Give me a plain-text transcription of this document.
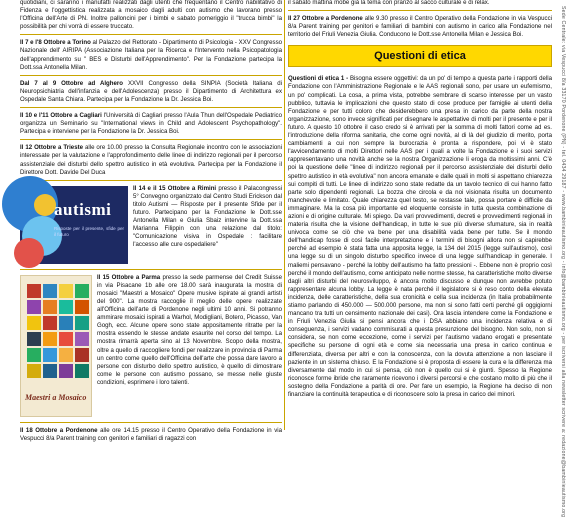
quotidiani, ci saranno i manufatti realizzati dagli utenti che frequentano il Centro riabilitativo di Fidenza e l'oggettistica realizzata a mosaico dagli adulti con autismo che lavorano presso l'Officina dell'Arte di PN. Inoltre palloncini per i bimbi e sabato pomeriggio il "trucca bimbi" la possibilità per chi vorrà di essere truccato.

Il 7 e l'8 Ottobre a Torino al Palazzo del Rettorato - Dipartimento di Psicologia - XXV Congresso Nazionale dell' AIRIPA (Associazione Italiana per la Ricerca e l'Intervento nella Psicopatologia dell'apprendimento su " BES e Disturbi dell'Apprendimento". Per la Fondazione partecipa la Dott.ssa Antonella Milan.

Dal 7 al 9 Ottobre ad Alghero XXVII Congresso della SINPIA (Società Italiana di Neuropsichiatria dell'infanzia e dell'Adolescenza) presso il Dipartimento di Architettura ex Ospedale Santa Chiara. Partecipa per la Fondazione la Dr. Jessica Boi.

Il 10 e l'11 Ottobre a Cagliari l'Università di Cagliari presso l'Aula Thun dell'Ospedale Pediatrico organizza un Seminario su "International views in Child and Adolescent Psychopathology". Partecipa e interviene per la Fondazione la Dr. Jessica Boi.

Il 12 Ottobre a Trieste alle ore 10.00 presso la Consulta Regionale incontro con le associazioni interessate per la valutazione e l'approfondimento delle linee di indirizzo regionali per il percorso assistenziale dei disturbi dello spettro autistico in età evolutiva. Partecipa per la Fondazione il Direttore Dott. Davide Del Duca

autismi
Risposte per il presente, sfide per il futuro
Il 14 e il 15 Ottobre a Rimini presso il Palacongressi 5° Convegno organizzato dal Centro Studi Erickson dal titolo Autismi — Risposte per il presente Sfide per il futuro. Partecipano per la Fondazione le Dott.sse Antonella Milan e Giulia Sbaiz intervine la Dott.ssa Marianna Filippin con una relazione dal titolo: "Comunicazione visiva in Ospedale : facilitare l'accesso alle cure ospedaliere"
Maestri a Mosaico
Il 15 Ottobre a Parma presso la sede parmense del Credit Suisse in via Pisacane 1b alle ore 18.00 sarà inaugurata la mostra di mosaici "Maestri a Mosaico" Opere musive ispirate ai grandi artisti del 900". La mostra raccoglie il meglio delle opere realizzate all'Officina dell'arte di Pordenone negli ultimi 10 anni. Si potranno ammirare mosaici ispirati a Warhol, Modigliani, Botero, Picasso, Van Gogh, ecc. Alcune opere sono state appositamente ritratte per la mostra essendo le stesse andate esaurite nel corso del tempo. La mostra rimarrà aperta sino al 13 Novembre. Scopo della mostra, oltre a quello di raccogliere fondi per realizzare in provincia di Parma un centro come quello dell'Officina dell'arte che possa dare lavoro a persone con disturbo dello spettro autistico, è quello di dimostrare come le persone con autismo possano, se messe nelle giuste condizioni, esprimere i loro talenti.

Il 18 Ottobre a Pordenone alle ore 14.15 presso il Centro Operativo della Fondazione in via Vespucci 8/a Parent training con genitori e familiari di ragazzi con

il sabato mattina mobe già la tema con pranzo al sacco culturale e di relax.

Il 27 Ottobre a Pordenone alle 9.30 presso il Centro Operativo della Fondazione in via Vespucci 8/a Parent training per genitori e familiari di bambini con autismo in carico alla Fondazione nel territorio del Friuli Venezia Giulia. Conducono le Dott.sse Antonella Milan e Jessica Boi.

Questioni di etica

Questioni di etica 1 - Bisogna essere oggettivi: da un po' di tempo a questa parte i rapporti della Fondazione con l'Amministrazione Regionale e le AAS regionali sono, per usare un eufemismo, un po' complicati. La cosa, a prima vista, potrebbe sembrare di scarso interesse per un vasto pubblico, tuttavia le implicazioni che questo stato di cose produce per famiglie ai utenti della Fondazione e per tutti coloro che desiderebbero una presa in carico da parte della nostra organizzazione, sono invece significati per disegnare le aspettative di molti per il presente e per il futuro. A questo 10 ottobre il caso credo si è arrivati per la somma di molti fattori come ad es. l'introduzione della riforma sanitaria, che come ogni novità, al di là del giudizio di merito, porta cambiamenti a cui non sempre la burocrazia è pronta a rispondere, poi vi è stato l'avvicendamento di molti Direttori nelle AAS per i quali a volte la Fondazione e i suoi servizi rappresentavano una novità anche se la nostra Organizzazione li eroga da moltissimi anni. C'è poi la questione delle "linee di indirizzo regionali per il percorso assistenziale dei disturbi dello spettro autistico in età evolutiva" non ancora emanate e dalle quali in molti si aspettano chiarezza sui compiti di tutti. Le linee di indirizzo sono state redatte da un tavolo tecnico di cui hanno fatto parte solo dipendenti regionali. La bozza che circola e da noi visionata risulta un documento manchevole e limitato. Quale chiarezza quel testo, se restasse tale, possa portare è difficile da immaginare. Ma la cosa più importante ed eloquente consiste in tutta questa combinazione di azioni e di origine culturale. Mi spiego. Da vari provvedimenti, decreti e provvedimenti regionali in materia risulta che la visione dell'handicap, in tutte le sue più diverse sfumature, sia in realtà univoca come se ciò che va bene per una disabilità vada bene per tutte. Se il mondo dell'handicap fosse di così facile interpretazione e i termini di bisogni allora non si capirebbe perché ad esempio è stata fatta una apposita legge, la 134 del 2015 (legge sull'autismo), così una legge su di un singolo disturbo specifico invece di una legge sull'handicap in generale. I maliemi pensavano - perché la lobby dell'autismo ha fatto pressioni -. Ebbene non è proprio così perché il mondo dell'autismo, come anticipato nelle norme stesse, ha caratteristiche molto diverse dagli altri disturbi del neurosviluppo, è ancora molto discusso e dunque non avrebbe potuto rappresentare alcuna lobby. La legge è nata perché il legislatore si è reso conto della elevata incidenza, delle caratteristiche, della sua cronicità e cella sua incidenza (in Italia probabilmente stiamo parlando di 450.000 — 500.000 persone, ma non si sono fatti certi perché gli oggigiorni mancano tra tutti un censimento nazionale dei casi). Ora lascia intendere come la Fondazione e in Friuli Venezia Giulia si pensi ancora che i DSA abbiano una incidenza relativa e di conseguenza, i servizi vadano commisurati a questa presunzione del bisogno. Non solo, non si considera, se non come eccezione, come i servizi per l'autismo vadano erogati e presentate specifiche su persone di ogni età e come sia necessaria una presa in carico continua e differenziata, diversa per altri e con la conoscenza, con la dovuta attenzione a non lasciare il paziente in un sistema chiuso. E la Fondazione si è proposta di essere la cura e la differenza ma diversamente dal modo in cui si pensa, ciò non è quello cui si è giunti. Spesso la Regione riconosce forme ibride che raramente ricevono i diversi percorsi e che costano molto di più che il sostegno della Fondazione a parità di ore. Per fare un esempio, la Regione ha deciso di non finanziare la continuità terapeutica e di riconoscere solo la presa in carico dei minori.	Sede Centrale: via Vespucci 8/a 33170 Pordenone (PN) - tel. 0434 29187 - www.bambinieautismo.org - info@bambinieautismo.org - per iscriversi alla newsletter scrivere a: redazione@bambinieautismo.org
